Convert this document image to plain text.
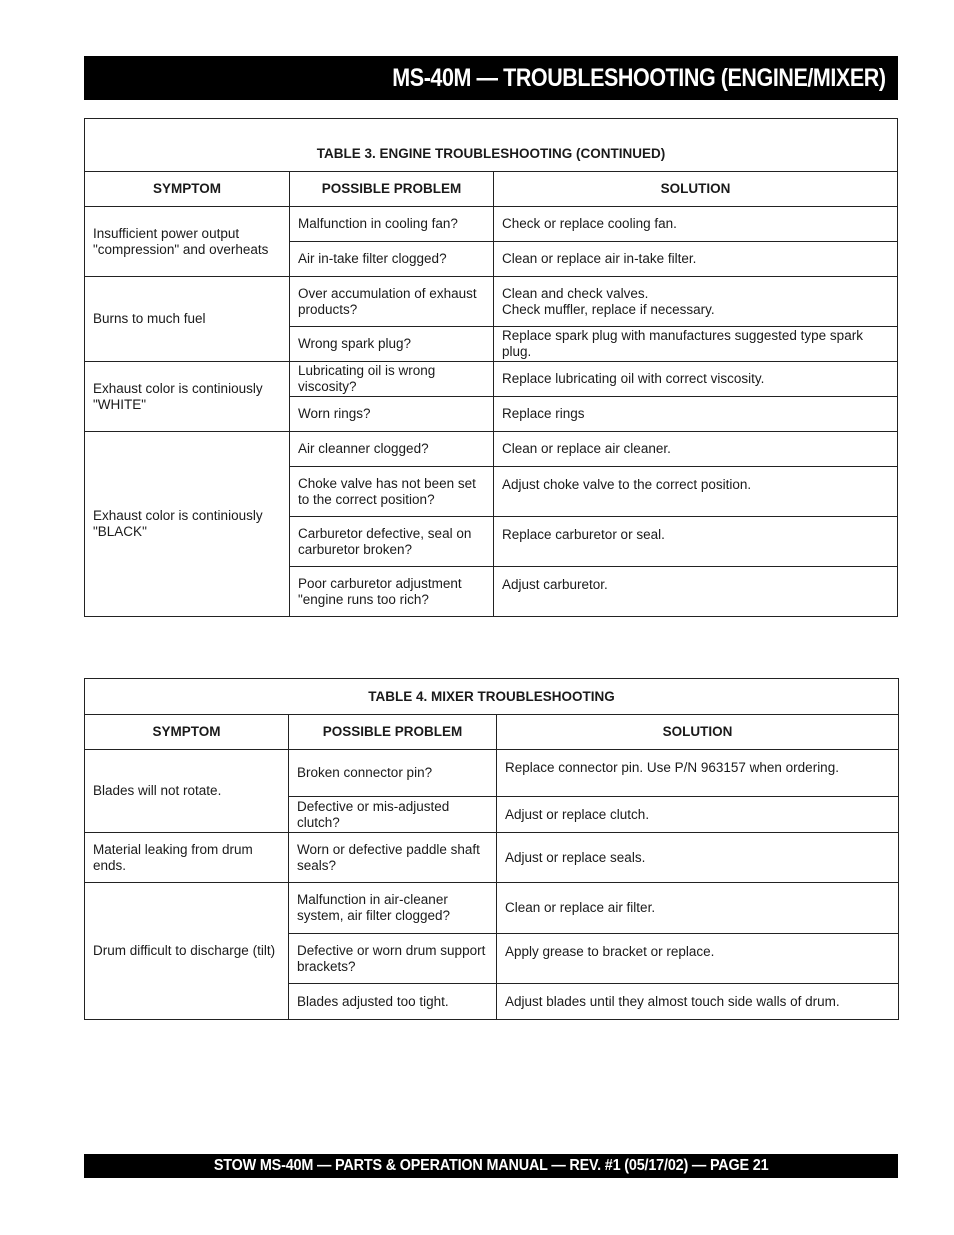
MS-40M — TROUBLESHOOTING (ENGINE/MIXER)
TABLE 3. ENGINE TROUBLESHOOTING (CONTINUED)		
SYMPTOM	POSSIBLE PROBLEM	SOLUTION
Insufficient power output "compression" and overheats	Malfunction in cooling fan?	Check or replace cooling fan.
	Air in-take filter clogged?	Clean or replace air in-take filter.
Burns to much fuel	Over accumulation of exhaust products?	Clean and check valves.
Check muffler, replace if necessary.
	Wrong spark plug?	Replace spark plug with manufactures suggested type spark plug.
Exhaust color is continiously "WHITE"	Lubricating oil is wrong viscosity?	Replace lubricating oil with correct viscosity.
	Worn rings?	Replace rings
Exhaust color is continiously "BLACK"	Air cleanner clogged?	Clean or replace air cleaner.
	Choke valve has not been set to the correct position?	Adjust choke valve to the correct position.
	Carburetor defective, seal on carburetor broken?	Replace carburetor or seal.
	Poor carburetor adjustment "engine runs too rich?	Adjust carburetor.
TABLE 4. MIXER TROUBLESHOOTING		
SYMPTOM	POSSIBLE PROBLEM	SOLUTION
Blades will not rotate.	Broken connector pin?	Replace connector pin. Use P/N 963157 when ordering.
	Defective or mis-adjusted clutch?	Adjust or replace clutch.
Material leaking from drum ends.	Worn or defective paddle shaft seals?	Adjust or replace seals.
Drum difficult to discharge (tilt)	Malfunction in air-cleaner system, air filter clogged?	Clean or replace air filter.
	Defective or worn drum support brackets?	Apply grease to bracket or replace.
	Blades adjusted too tight.	Adjust blades until they almost touch side walls of drum.
STOW MS-40M — PARTS & OPERATION MANUAL — REV. #1 (05/17/02) — PAGE 21
